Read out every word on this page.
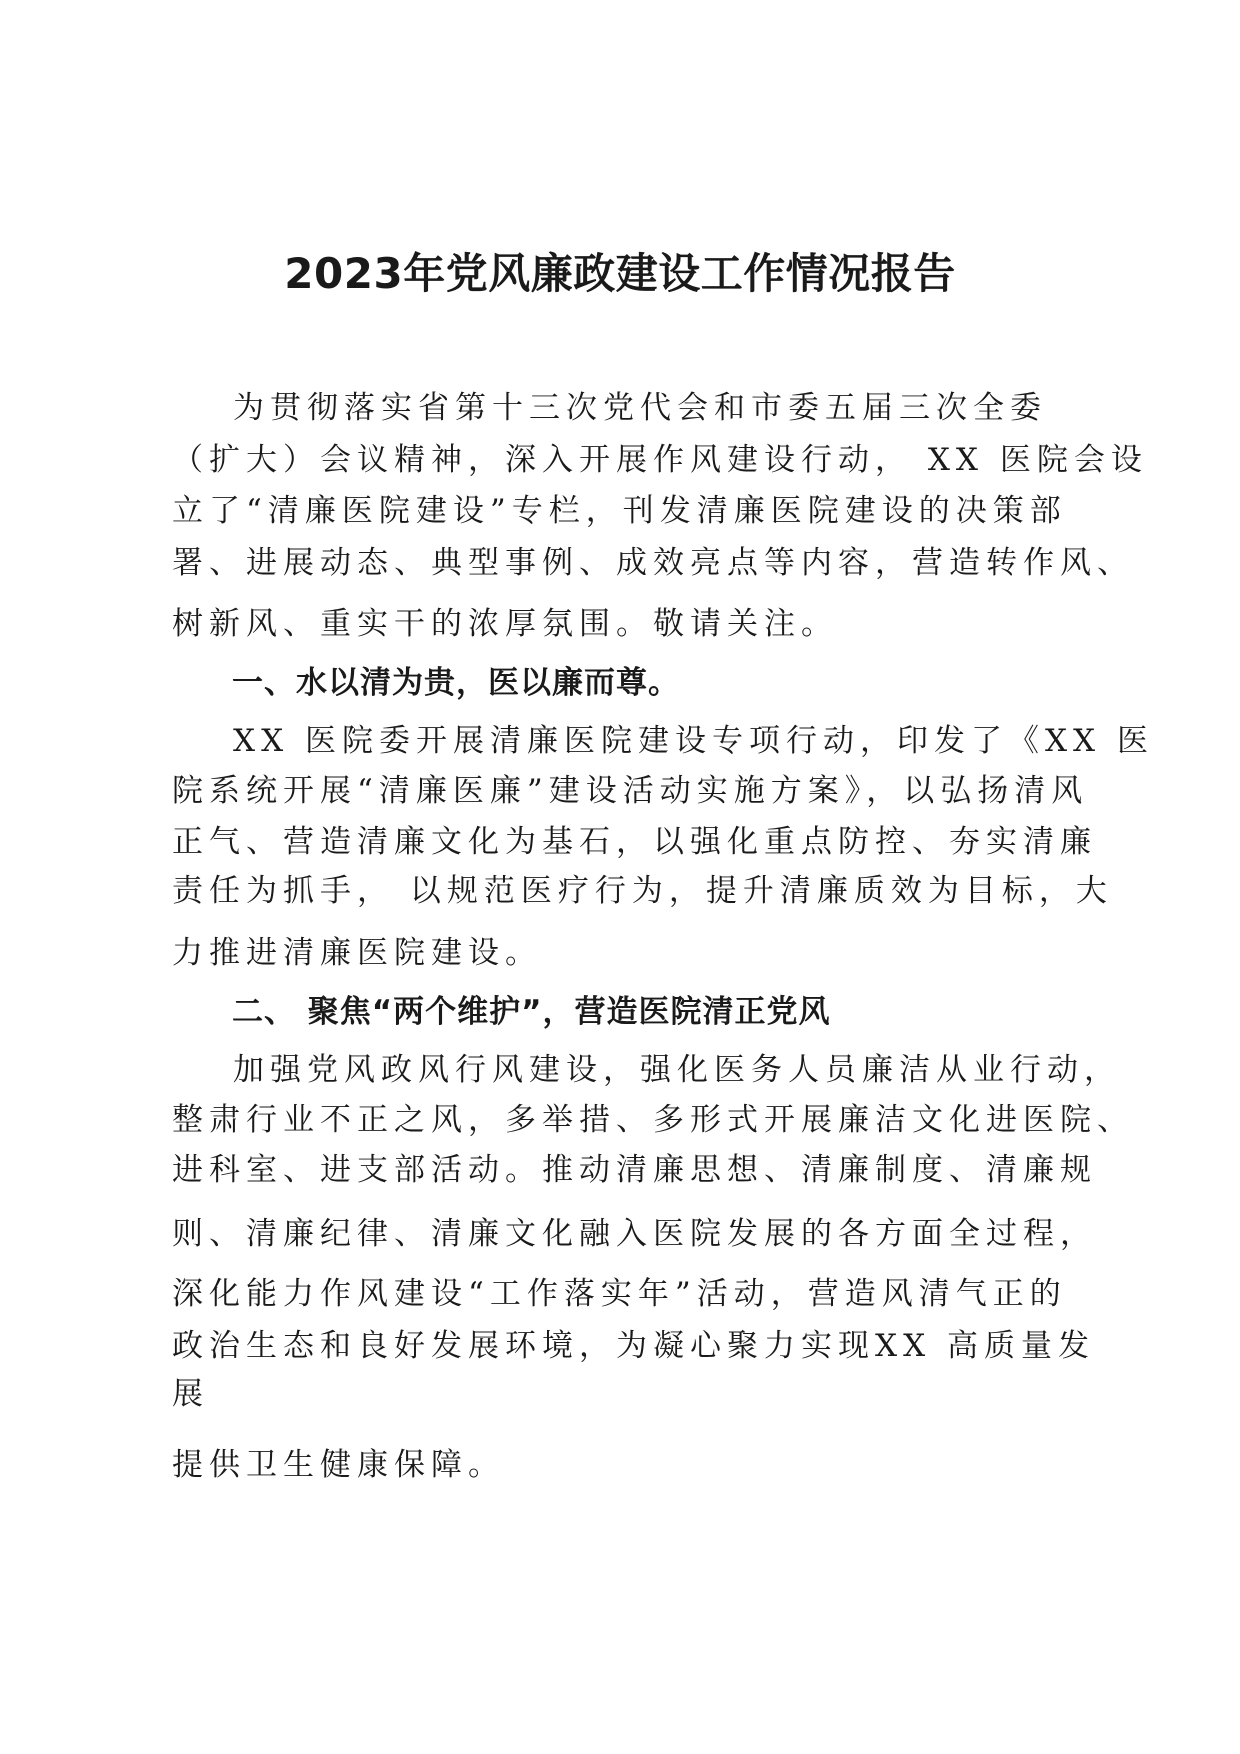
2023年党风廉政建设工作情况报告
为贯彻落实省第十三次党代会和市委五届三次全委
（扩大）会议精神，深入开展作风建设行动， XX 医院会设
立了“清廉医院建设”专栏，刊发清廉医院建设的决策部
署、进展动态、典型事例、成效亮点等内容，营造转作风、
树新风、重实干的浓厚氛围。敬请关注。
一、水以清为贵，医以廉而尊。
XX 医院委开展清廉医院建设专项行动，印发了《XX 医
院系统开展“清廉医廉”建设活动实施方案》，以弘扬清风
正气、营造清廉文化为基石，以强化重点防控、夯实清廉
责任为抓手， 以规范医疗行为，提升清廉质效为目标，大
力推进清廉医院建设。
二、 聚焦“两个维护”，营造医院清正党风
加强党风政风行风建设，强化医务人员廉洁从业行动，
整肃行业不正之风，多举措、多形式开展廉洁文化进医院、
进科室、进支部活动。推动清廉思想、清廉制度、清廉规
则、清廉纪律、清廉文化融入医院发展的各方面全过程，
深化能力作风建设“工作落实年”活动，营造风清气正的
政治生态和良好发展环境，为凝心聚力实现XX 高质量发
展
提供卫生健康保障。
